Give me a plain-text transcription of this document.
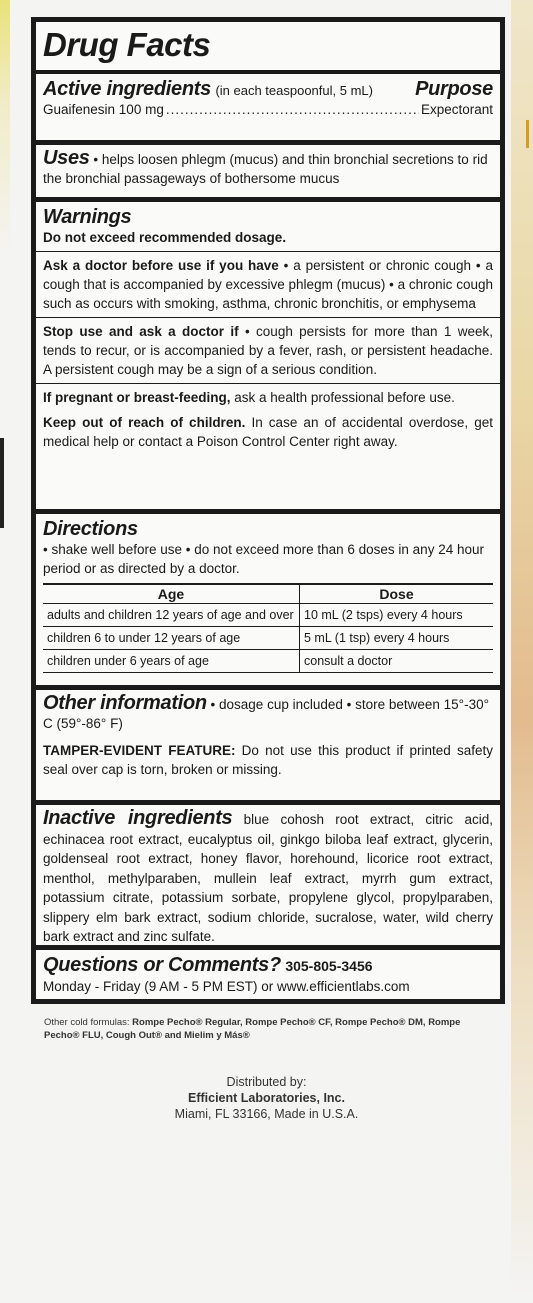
Drug Facts
Active ingredients (in each teaspoonful, 5 mL) Purpose
Guaifenesin 100 mg .....	Expectorant
Uses • helps loosen phlegm (mucus) and thin bronchial secretions to rid the bronchial passageways of bothersome mucus
Warnings
Do not exceed recommended dosage.
Ask a doctor before use if you have • a persistent or chronic cough • a cough that is accompanied by excessive phlegm (mucus) • a chronic cough such as occurs with smoking, asthma, chronic bronchitis, or emphysema
Stop use and ask a doctor if • cough persists for more than 1 week, tends to recur, or is accompanied by a fever, rash, or persistent headache. A persistent cough may be a sign of a serious condition.
If pregnant or breast-feeding, ask a health professional before use.
Keep out of reach of children. In case an of accidental overdose, get medical help or contact a Poison Control Center right away.
Directions
• shake well before use • do not exceed more than 6 doses in any 24 hour period or as directed by a doctor.
Age	Dose
adults and children 12 years of age and over	10 mL (2 tsps) every 4 hours
children 6 to under 12 years of age	5 mL (1 tsp) every 4 hours
children under 6 years of age	consult a doctor
Other information • dosage cup included • store between 15°-30° C (59°-86° F)
TAMPER-EVIDENT FEATURE: Do not use this product if printed safety seal over cap is torn, broken or missing.
Inactive ingredients blue cohosh root extract, citric acid, echinacea root extract, eucalyptus oil, ginkgo biloba leaf extract, glycerin, goldenseal root extract, honey flavor, horehound, licorice root extract, menthol, methylparaben, mullein leaf extract, myrrh gum extract, potassium citrate, potassium sorbate, propylene glycol, propylparaben, slippery elm bark extract, sodium chloride, sucralose, water, wild cherry bark extract and zinc sulfate.
Questions or Comments? 305-805-3456
Monday - Friday (9 AM - 5 PM EST) or www.efficientlabs.com
Other cold formulas: Rompe Pecho® Regular, Rompe Pecho® CF, Rompe Pecho® DM, Rompe Pecho® FLU, Cough Out® and Mielim y Más®
Distributed by:
Efficient Laboratories, Inc.
Miami, FL 33166, Made in U.S.A.
